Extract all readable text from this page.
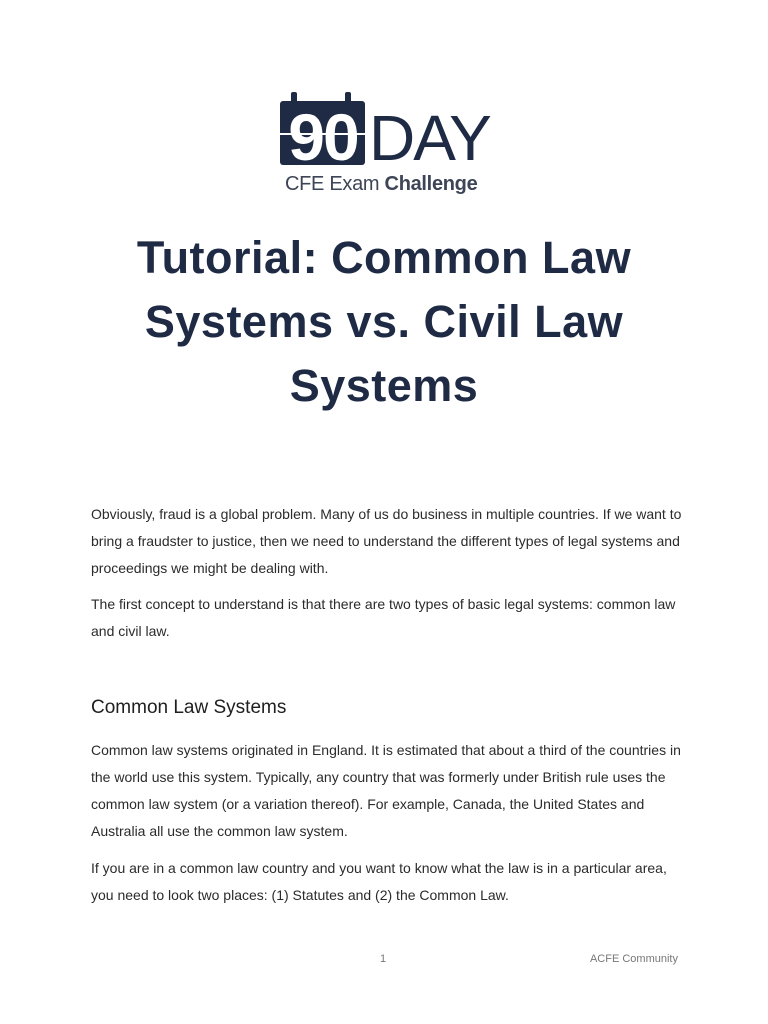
90 DAY
CFE Exam Challenge
Tutorial: Common Law Systems vs. Civil Law Systems

Obviously, fraud is a global problem. Many of us do business in multiple countries. If we want to bring a fraudster to justice, then we need to understand the different types of legal systems and proceedings we might be dealing with.

The first concept to understand is that there are two types of basic legal systems: common law and civil law.

Common Law Systems

Common law systems originated in England. It is estimated that about a third of the countries in the world use this system. Typically, any country that was formerly under British rule uses the common law system (or a variation thereof). For example, Canada, the United States and Australia all use the common law system.

If you are in a common law country and you want to know what the law is in a particular area, you need to look two places: (1) Statutes and (2) the Common Law.

1	ACFE Community
